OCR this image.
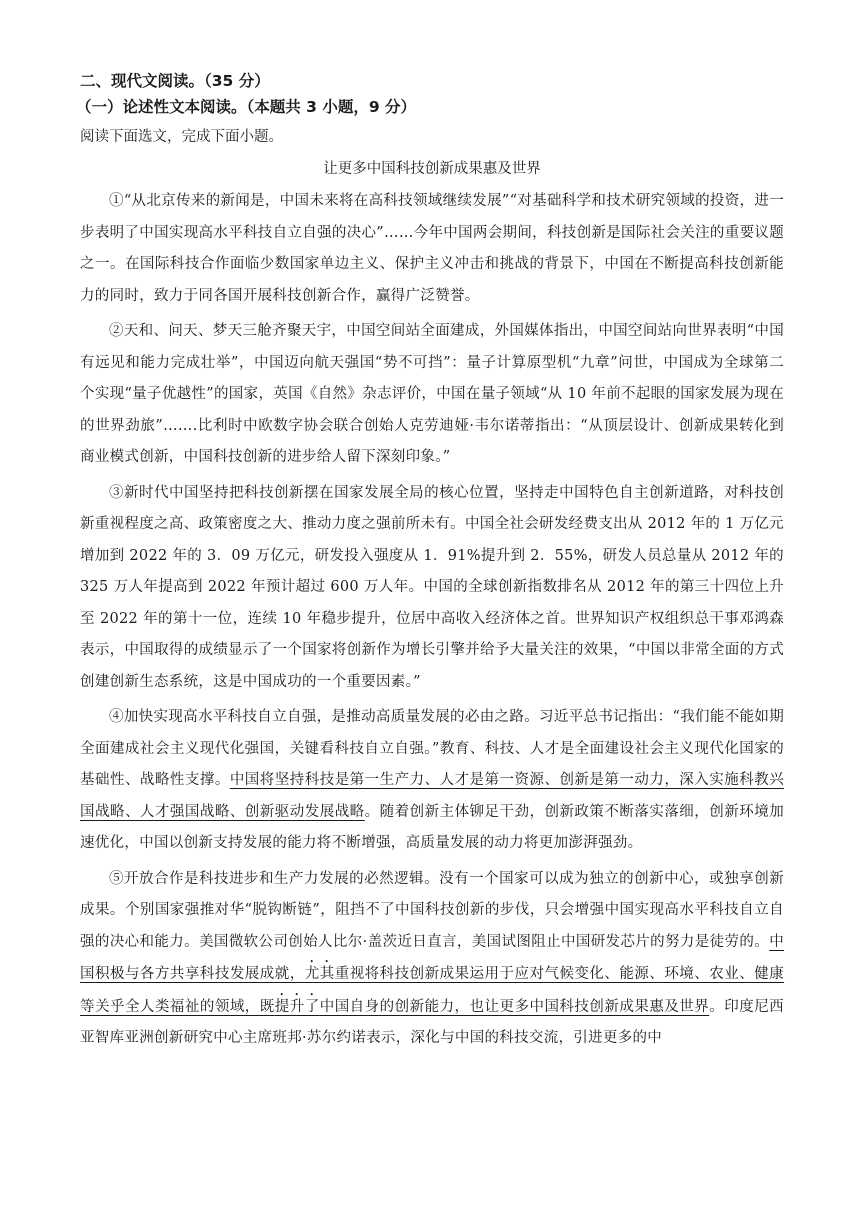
二、现代文阅读。（35 分）

（一）论述性文本阅读。（本题共 3 小题，9 分）

阅读下面选文，完成下面小题。

让更多中国科技创新成果惠及世界

①“从北京传来的新闻是，中国未来将在高科技领域继续发展”“对基础科学和技术研究领域的投资，进一步表明了中国实现高水平科技自立自强的决心”……今年中国两会期间，科技创新是国际社会关注的重要议题之一。在国际科技合作面临少数国家单边主义、保护主义冲击和挑战的背景下，中国在不断提高科技创新能力的同时，致力于同各国开展科技创新合作，赢得广泛赞誉。

②天和、问天、梦天三舱齐聚天宇，中国空间站全面建成，外国媒体指出，中国空间站向世界表明“中国有远见和能力完成壮举”，中国迈向航天强国“势不可挡”：量子计算原型机“九章”问世，中国成为全球第二个实现“量子优越性”的国家，英国《自然》杂志评价，中国在量子领域“从 10 年前不起眼的国家发展为现在的世界劲旅”…….比利时中欧数字协会联合创始人克劳迪娅·韦尔诺蒂指出：“从顶层设计、创新成果转化到商业模式创新，中国科技创新的进步给人留下深刻印象。”

③新时代中国坚持把科技创新摆在国家发展全局的核心位置，坚持走中国特色自主创新道路，对科技创新重视程度之高、政策密度之大、推动力度之强前所未有。中国全社会研发经费支出从 2012 年的 1 万亿元增加到 2022 年的 3．09 万亿元，研发投入强度从 1．91%提升到 2．55%，研发人员总量从 2012 年的 325 万人年提高到 2022 年预计超过 600 万人年。中国的全球创新指数排名从 2012 年的第三十四位上升至 2022 年的第十一位，连续 10 年稳步提升，位居中高收入经济体之首。世界知识产权组织总干事邓鸿森表示，中国取得的成绩显示了一个国家将创新作为增长引擎并给予大量关注的效果，“中国以非常全面的方式创建创新生态系统，这是中国成功的一个重要因素。”

④加快实现高水平科技自立自强，是推动高质量发展的必由之路。习近平总书记指出：“我们能不能如期全面建成社会主义现代化强国，关键看科技自立自强。”教育、科技、人才是全面建设社会主义现代化国家的基础性、战略性支撑。中国将坚持科技是第一生产力、人才是第一资源、创新是第一动力，深入实施科教兴国战略、人才强国战略、创新驱动发展战略。随着创新主体铆足干劲，创新政策不断落实落细，创新环境加速优化，中国以创新支持发展的能力将不断增强，高质量发展的动力将更加澎湃强劲。

⑤开放合作是科技进步和生产力发展的必然逻辑。没有一个国家可以成为独立的创新中心，或独享创新成果。个别国家强推对华“脱钩断链”，阻挡不了中国科技创新的步伐，只会增强中国实现高水平科技自立自强的决心和能力。美国微软公司创始人比尔·盖茨近日直言，美国试图阻止中国研发芯片的努力是徒劳的。中国积极与各方共享科技发展成就，尤其重视将科技创新成果运用于应对气候变化、能源、环境、农业、健康等关乎全人类福祉的领域，既提升了中国自身的创新能力，也让更多中国科技创新成果惠及世界。印度尼西亚智库亚洲创新研究中心主席班邦·苏尔约诺表示，深化与中国的科技交流，引进更多的中
